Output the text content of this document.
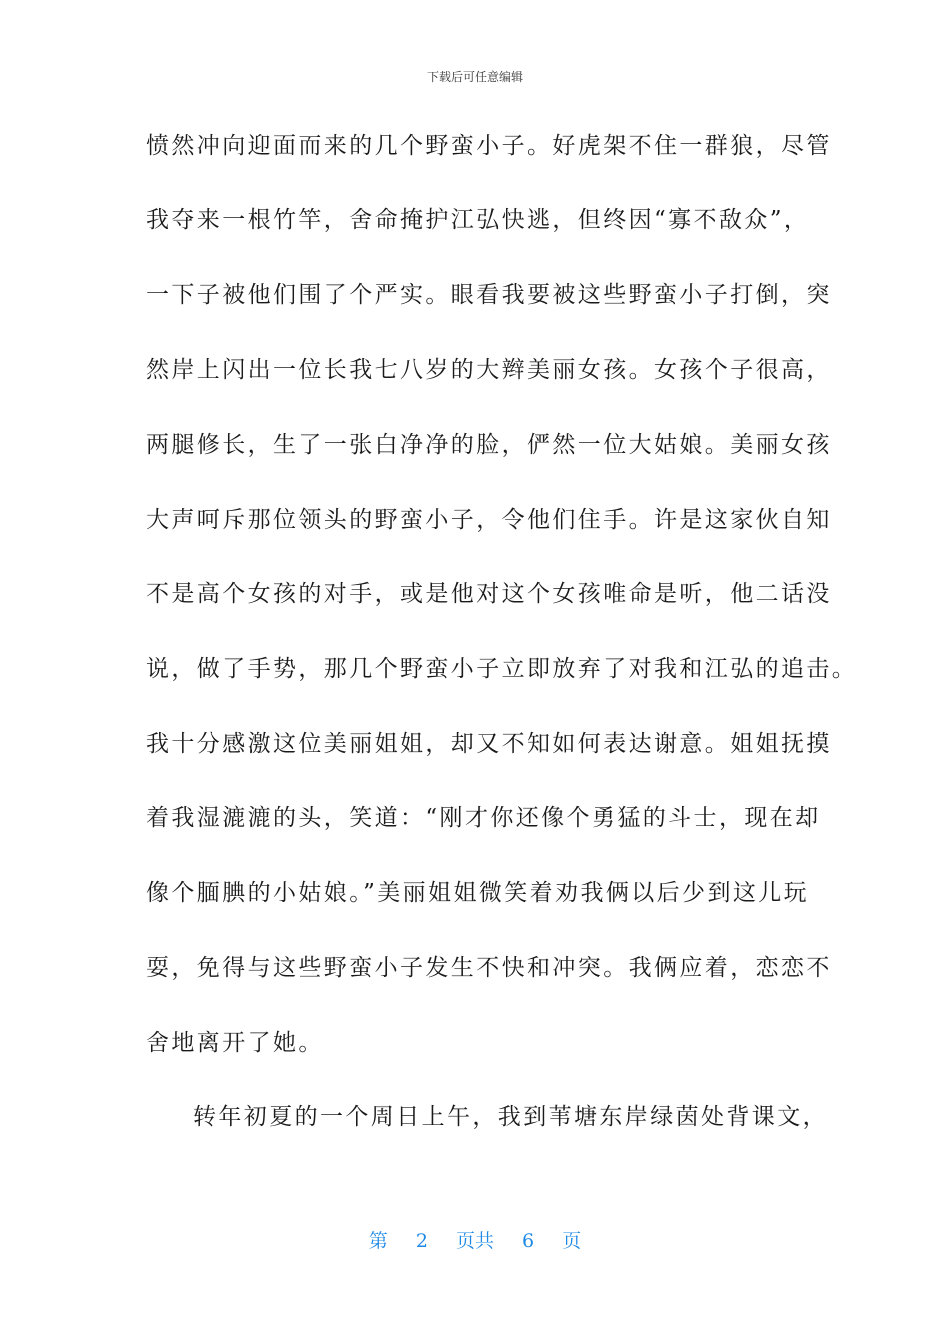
下载后可任意编辑
愤然冲向迎面而来的几个野蛮小子。好虎架不住一群狼，尽管
我夺来一根竹竿，舍命掩护江弘快逃，但终因“寡不敌众”，
一下子被他们围了个严实。眼看我要被这些野蛮小子打倒，突
然岸上闪出一位长我七八岁的大辫美丽女孩。女孩个子很高，
两腿修长，生了一张白净净的脸，俨然一位大姑娘。美丽女孩
大声呵斥那位领头的野蛮小子，令他们住手。许是这家伙自知
不是高个女孩的对手，或是他对这个女孩唯命是听，他二话没
说，做了手势，那几个野蛮小子立即放弃了对我和江弘的追击。
我十分感激这位美丽姐姐，却又不知如何表达谢意。姐姐抚摸
着我湿漉漉的头，笑道：“刚才你还像个勇猛的斗士，现在却
像个腼腆的小姑娘。”美丽姐姐微笑着劝我俩以后少到这儿玩
耍，免得与这些野蛮小子发生不快和冲突。我俩应着，恋恋不
舍地离开了她。
转年初夏的一个周日上午，我到苇塘东岸绿茵处背课文，
第 2 页共 6 页
